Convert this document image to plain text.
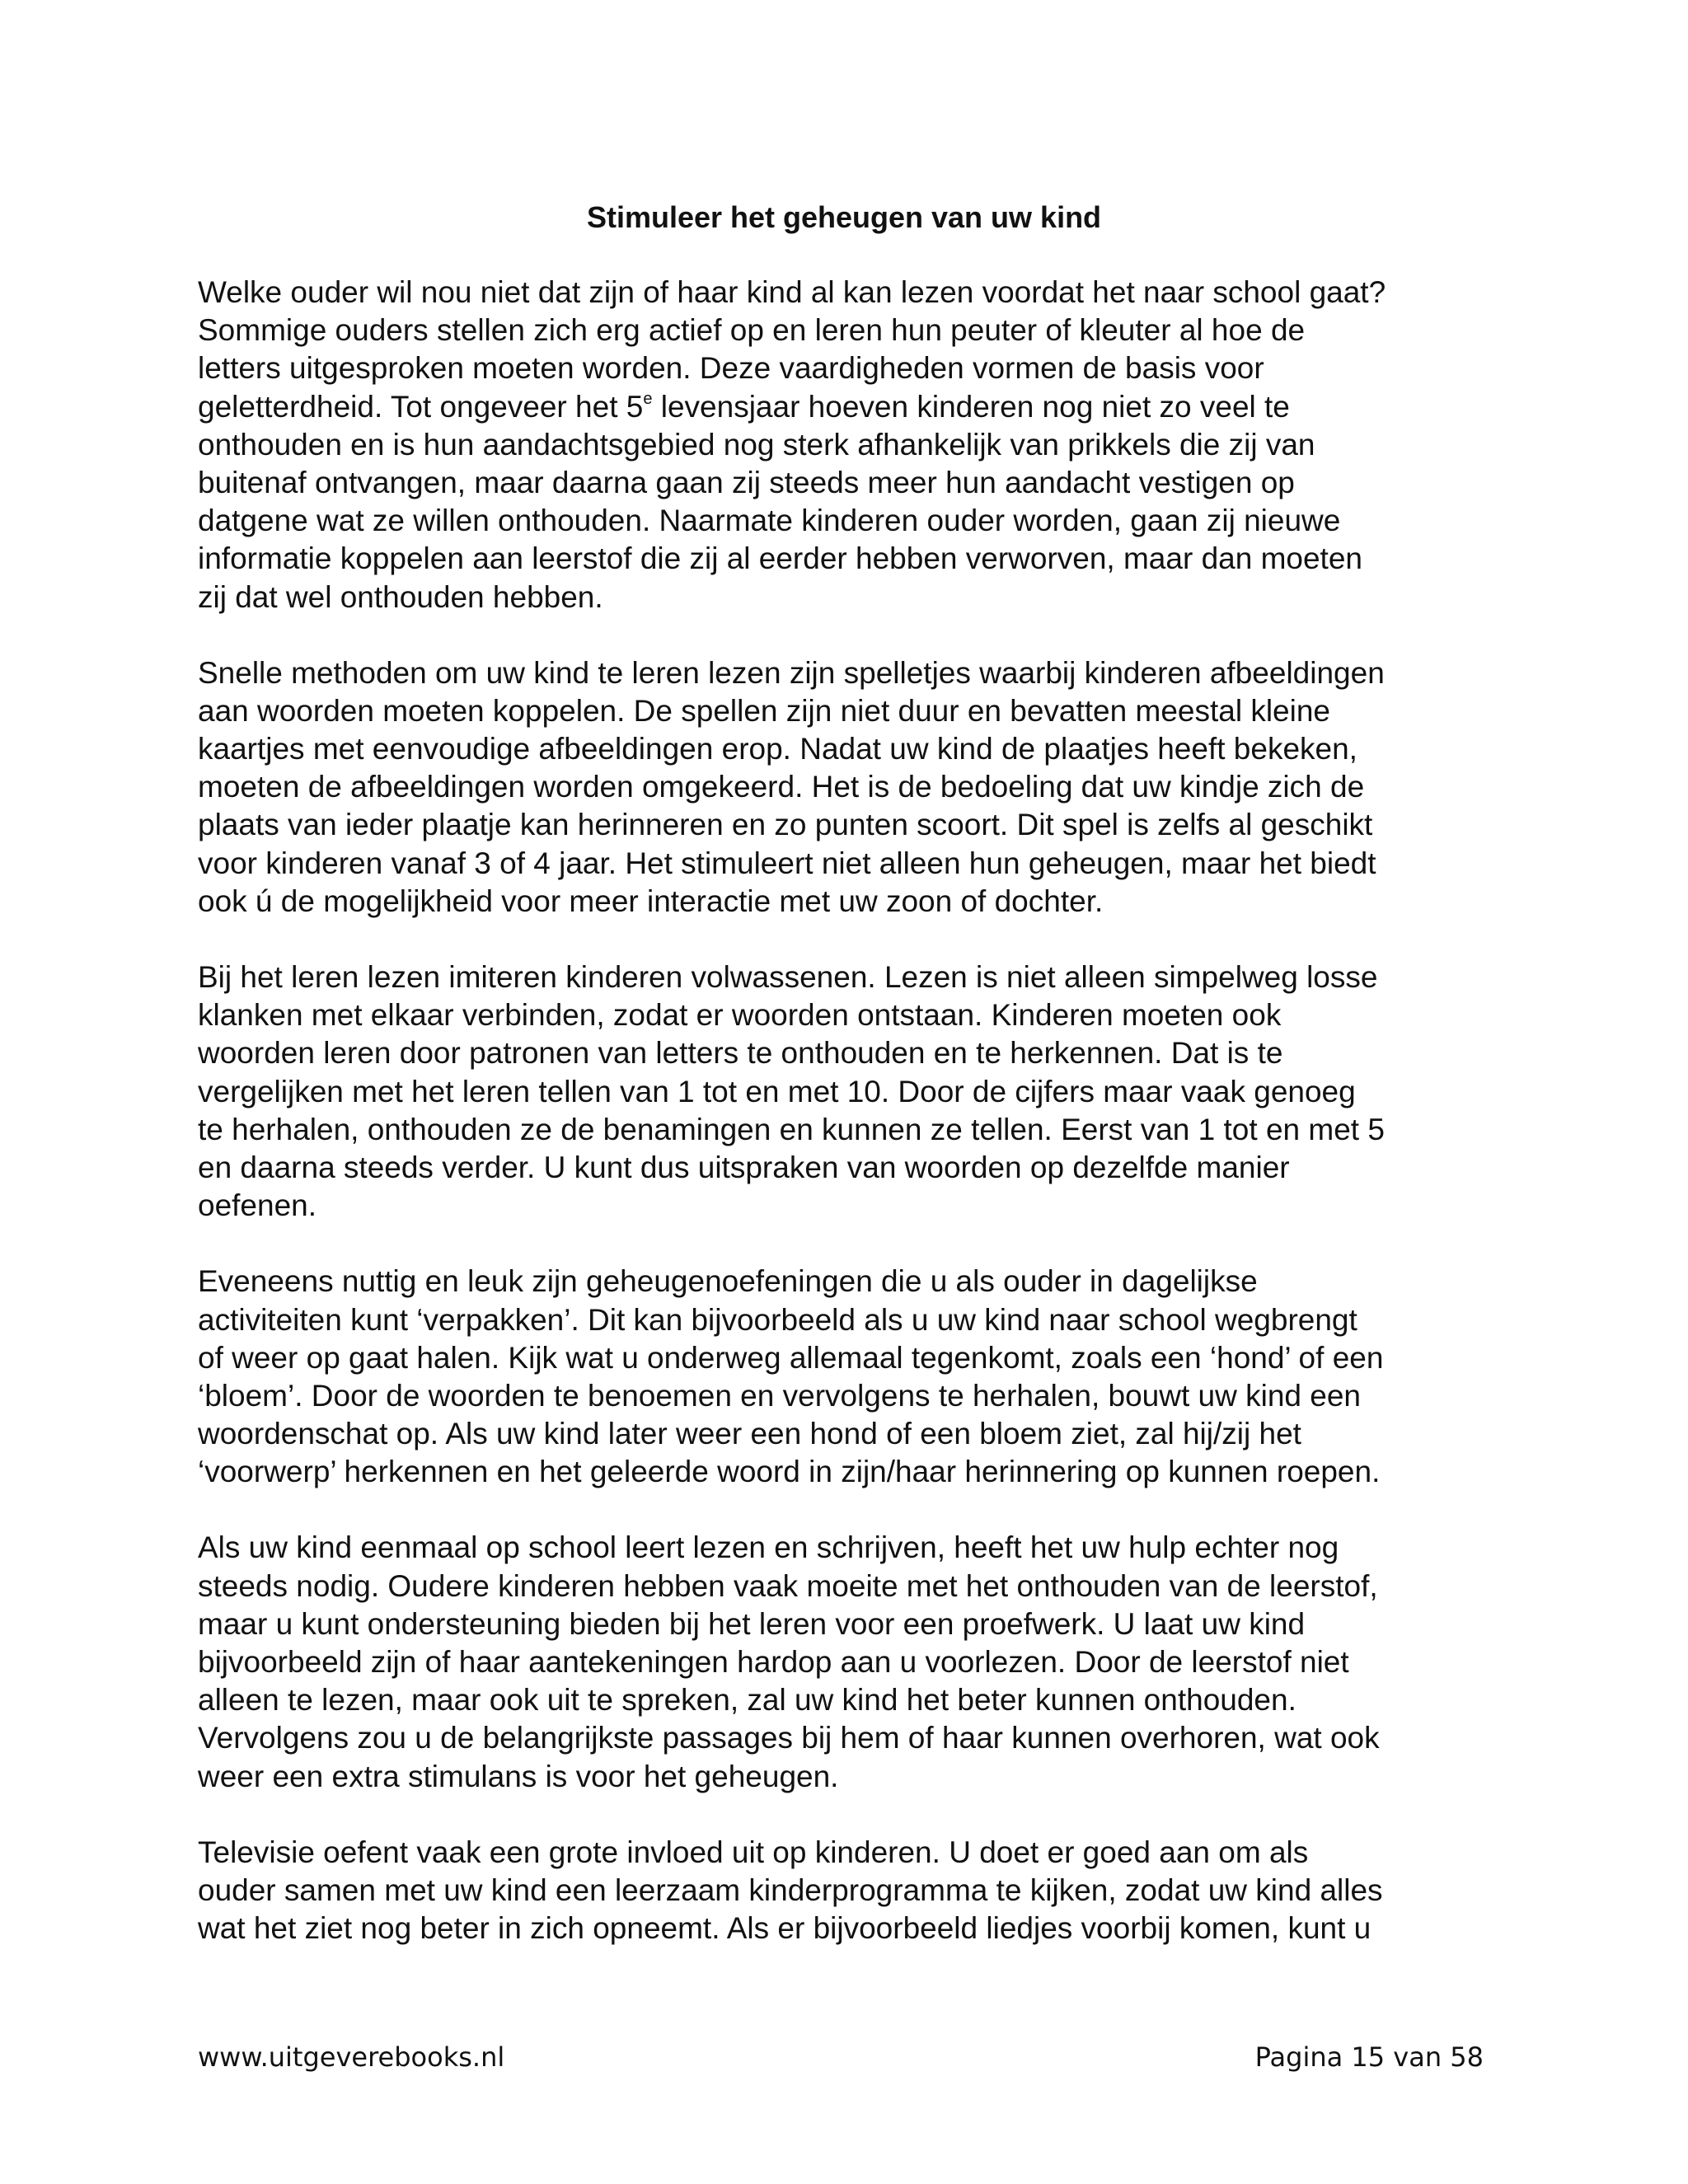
Stimuleer het geheugen van uw kind

Welke ouder wil nou niet dat zijn of haar kind al kan lezen voordat het naar school gaat?
Sommige ouders stellen zich erg actief op en leren hun peuter of kleuter al hoe de
letters uitgesproken moeten worden. Deze vaardigheden vormen de basis voor
geletterdheid. Tot ongeveer het 5e levensjaar hoeven kinderen nog niet zo veel te
onthouden en is hun aandachtsgebied nog sterk afhankelijk van prikkels die zij van
buitenaf ontvangen, maar daarna gaan zij steeds meer hun aandacht vestigen op
datgene wat ze willen onthouden. Naarmate kinderen ouder worden, gaan zij nieuwe
informatie koppelen aan leerstof die zij al eerder hebben verworven, maar dan moeten
zij dat wel onthouden hebben.

Snelle methoden om uw kind te leren lezen zijn spelletjes waarbij kinderen afbeeldingen
aan woorden moeten koppelen. De spellen zijn niet duur en bevatten meestal kleine
kaartjes met eenvoudige afbeeldingen erop. Nadat uw kind de plaatjes heeft bekeken,
moeten de afbeeldingen worden omgekeerd. Het is de bedoeling dat uw kindje zich de
plaats van ieder plaatje kan herinneren en zo punten scoort. Dit spel is zelfs al geschikt
voor kinderen vanaf 3 of 4 jaar. Het stimuleert niet alleen hun geheugen, maar het biedt
ook ú de mogelijkheid voor meer interactie met uw zoon of dochter.

Bij het leren lezen imiteren kinderen volwassenen. Lezen is niet alleen simpelweg losse
klanken met elkaar verbinden, zodat er woorden ontstaan. Kinderen moeten ook
woorden leren door patronen van letters te onthouden en te herkennen. Dat is te
vergelijken met het leren tellen van 1 tot en met 10. Door de cijfers maar vaak genoeg
te herhalen, onthouden ze de benamingen en kunnen ze tellen. Eerst van 1 tot en met 5
en daarna steeds verder. U kunt dus uitspraken van woorden op dezelfde manier
oefenen.

Eveneens nuttig en leuk zijn geheugenoefeningen die u als ouder in dagelijkse
activiteiten kunt ‘verpakken’. Dit kan bijvoorbeeld als u uw kind naar school wegbrengt
of weer op gaat halen. Kijk wat u onderweg allemaal tegenkomt, zoals een ‘hond’ of een
‘bloem’. Door de woorden te benoemen en vervolgens te herhalen, bouwt uw kind een
woordenschat op. Als uw kind later weer een hond of een bloem ziet, zal hij/zij het
‘voorwerp’ herkennen en het geleerde woord in zijn/haar herinnering op kunnen roepen.

Als uw kind eenmaal op school leert lezen en schrijven, heeft het uw hulp echter nog
steeds nodig. Oudere kinderen hebben vaak moeite met het onthouden van de leerstof,
maar u kunt ondersteuning bieden bij het leren voor een proefwerk. U laat uw kind
bijvoorbeeld zijn of haar aantekeningen hardop aan u voorlezen. Door de leerstof niet
alleen te lezen, maar ook uit te spreken, zal uw kind het beter kunnen onthouden.
Vervolgens zou u de belangrijkste passages bij hem of haar kunnen overhoren, wat ook
weer een extra stimulans is voor het geheugen.

Televisie oefent vaak een grote invloed uit op kinderen. U doet er goed aan om als
ouder samen met uw kind een leerzaam kinderprogramma te kijken, zodat uw kind alles
wat het ziet nog beter in zich opneemt. Als er bijvoorbeeld liedjes voorbij komen, kunt u

www.uitgeverebooks.nl	Pagina 15 van 58
